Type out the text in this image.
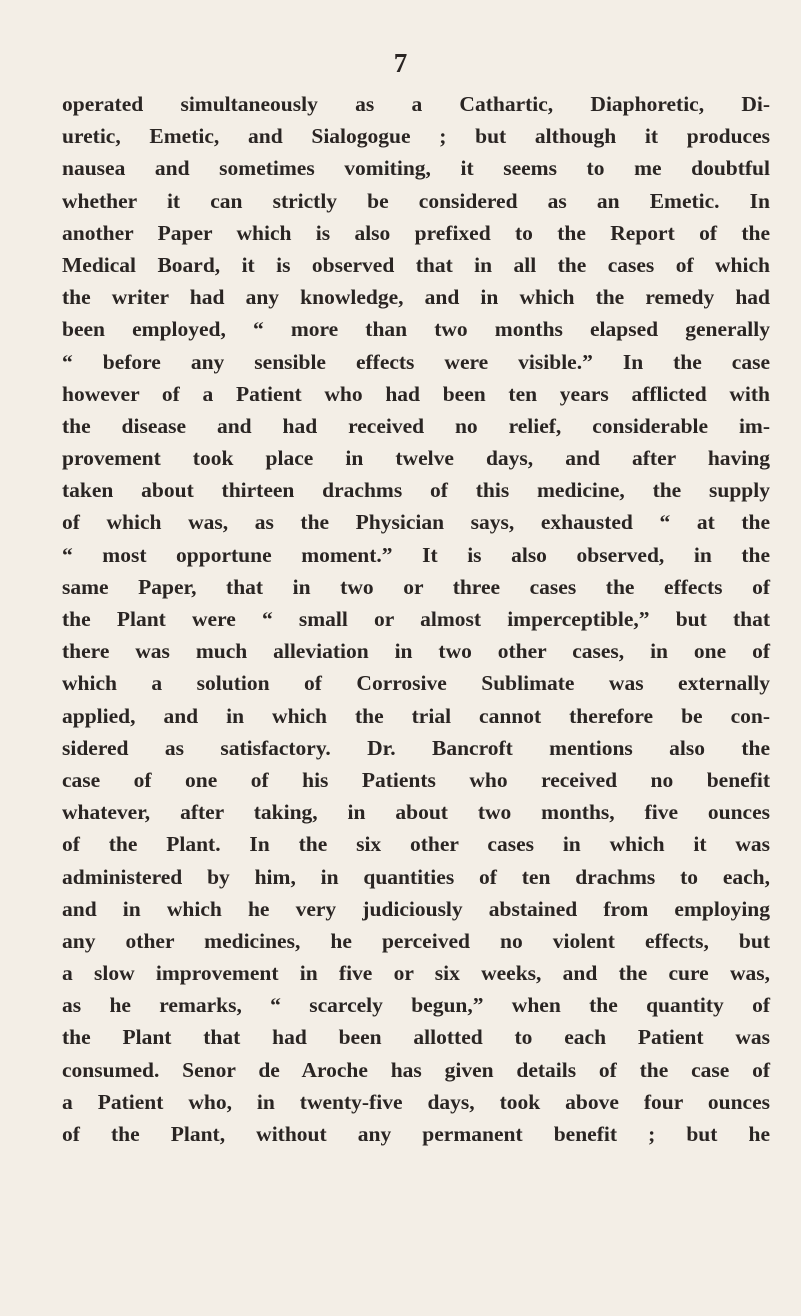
7
operated simultaneously as a Cathartic, Diaphoretic, Di-
uretic, Emetic, and Sialogogue ; but although it produces
nausea and sometimes vomiting, it seems to me doubtful
whether it can strictly be considered as an Emetic. In
another Paper which is also prefixed to the Report of the
Medical Board, it is observed that in all the cases of which
the writer had any knowledge, and in which the remedy had
been employed, “ more than two months elapsed generally
“ before any sensible effects were visible.” In the case
however of a Patient who had been ten years afflicted with
the disease and had received no relief, considerable im-
provement took place in twelve days, and after having
taken about thirteen drachms of this medicine, the supply
of which was, as the Physician says, exhausted “ at the
“ most opportune moment.” It is also observed, in the
same Paper, that in two or three cases the effects of
the Plant were “ small or almost imperceptible,” but that
there was much alleviation in two other cases, in one of
which a solution of Corrosive Sublimate was externally
applied, and in which the trial cannot therefore be con-
sidered as satisfactory. Dr. Bancroft mentions also the
case of one of his Patients who received no benefit
whatever, after taking, in about two months, five ounces
of the Plant. In the six other cases in which it was
administered by him, in quantities of ten drachms to each,
and in which he very judiciously abstained from employing
any other medicines, he perceived no violent effects, but
a slow improvement in five or six weeks, and the cure was,
as he remarks, “ scarcely begun,” when the quantity of
the Plant that had been allotted to each Patient was
consumed. Senor de Aroche has given details of the case of
a Patient who, in twenty-five days, took above four ounces
of the Plant, without any permanent benefit ; but he
